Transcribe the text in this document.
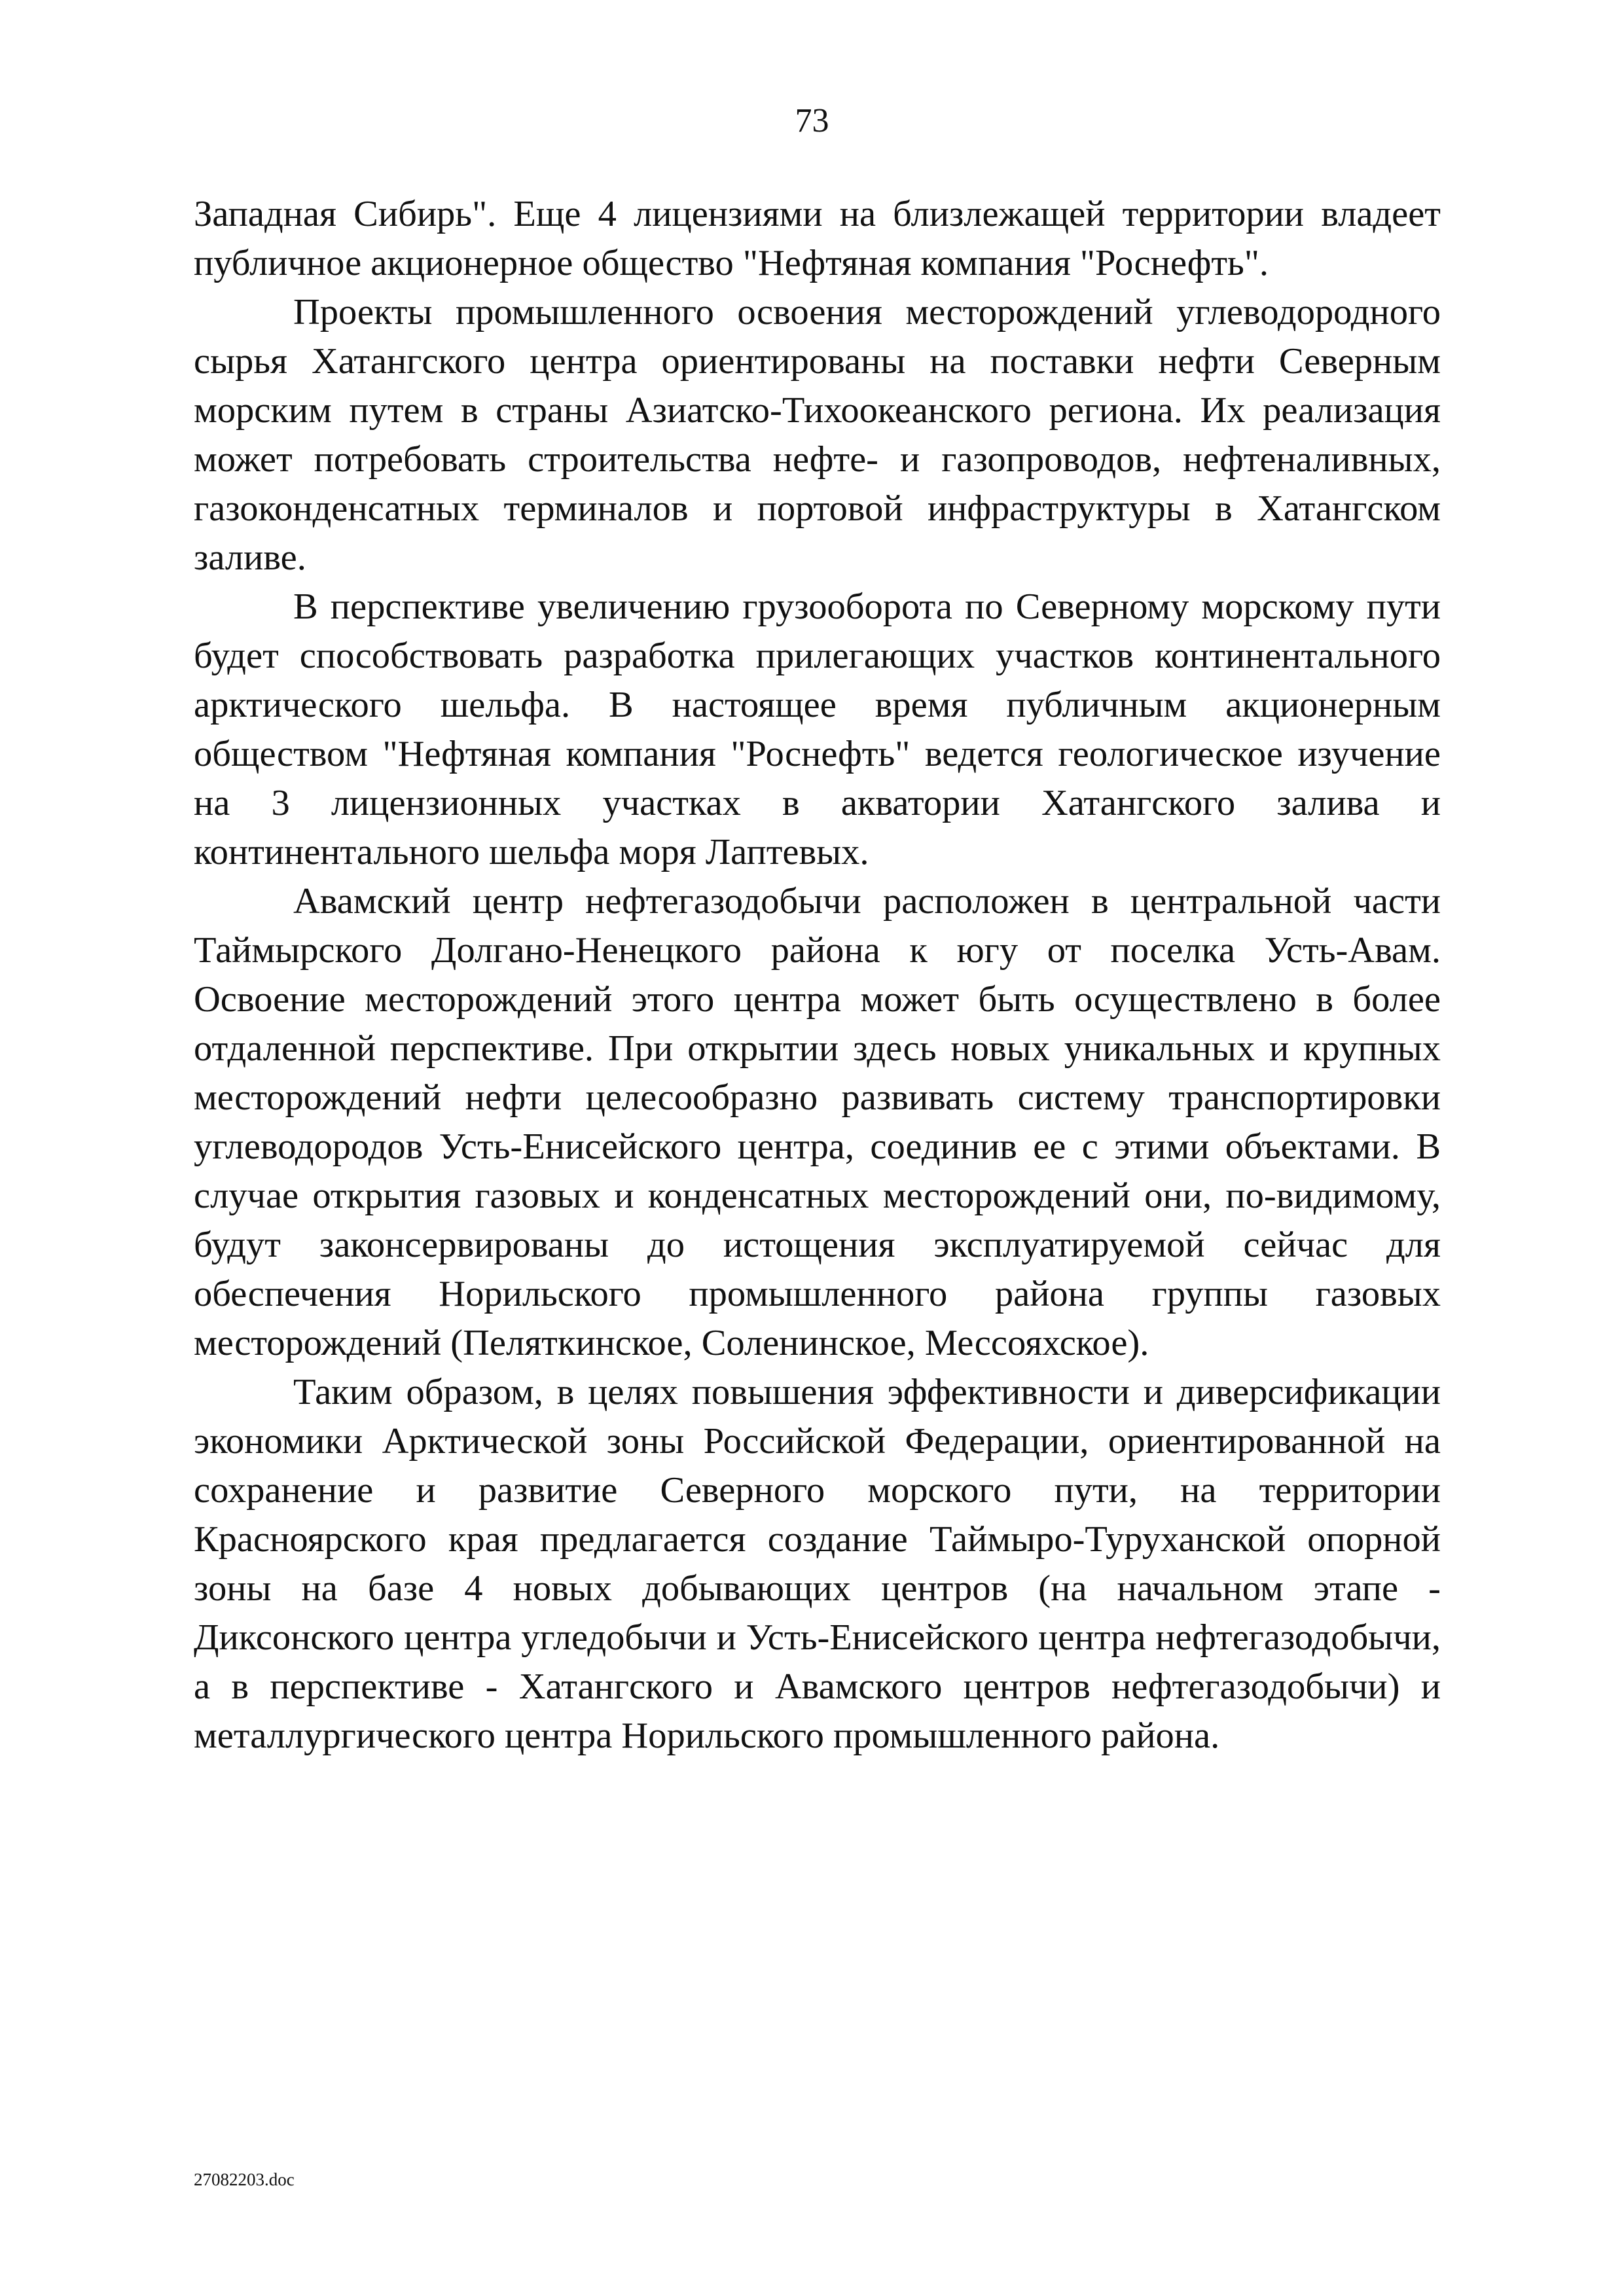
73

Западная Сибирь". Еще 4 лицензиями на близлежащей территории владеет публичное акционерное общество "Нефтяная компания "Роснефть".

Проекты промышленного освоения месторождений углеводородного сырья Хатангского центра ориентированы на поставки нефти Северным морским путем в страны Азиатско-Тихоокеанского региона. Их реализация может потребовать строительства нефте- и газопроводов, нефтеналивных, газоконденсатных терминалов и портовой инфраструктуры в Хатангском заливе.

В перспективе увеличению грузооборота по Северному морскому пути будет способствовать разработка прилегающих участков континентального арктического шельфа. В настоящее время публичным акционерным обществом "Нефтяная компания "Роснефть" ведется геологическое изучение на 3 лицензионных участках в акватории Хатангского залива и континентального шельфа моря Лаптевых.

Авамский центр нефтегазодобычи расположен в центральной части Таймырского Долгано-Ненецкого района к югу от поселка Усть-Авам. Освоение месторождений этого центра может быть осуществлено в более отдаленной перспективе. При открытии здесь новых уникальных и крупных месторождений нефти целесообразно развивать систему транспортировки углеводородов Усть-Енисейского центра, соединив ее с этими объектами. В случае открытия газовых и конденсатных месторождений они, по-видимому, будут законсервированы до истощения эксплуатируемой сейчас для обеспечения Норильского промышленного района группы газовых месторождений (Пеляткинское, Соленинское, Мессояхское).

Таким образом, в целях повышения эффективности и диверсификации экономики Арктической зоны Российской Федерации, ориентированной на сохранение и развитие Северного морского пути, на территории Красноярского края предлагается создание Таймыро-Туруханской опорной зоны на базе 4 новых добывающих центров (на начальном этапе - Диксонского центра угледобычи и Усть-Енисейского центра нефтегазодобычи, а в перспективе - Хатангского и Авамского центров нефтегазодобычи) и металлургического центра Норильского промышленного района.

27082203.doc
